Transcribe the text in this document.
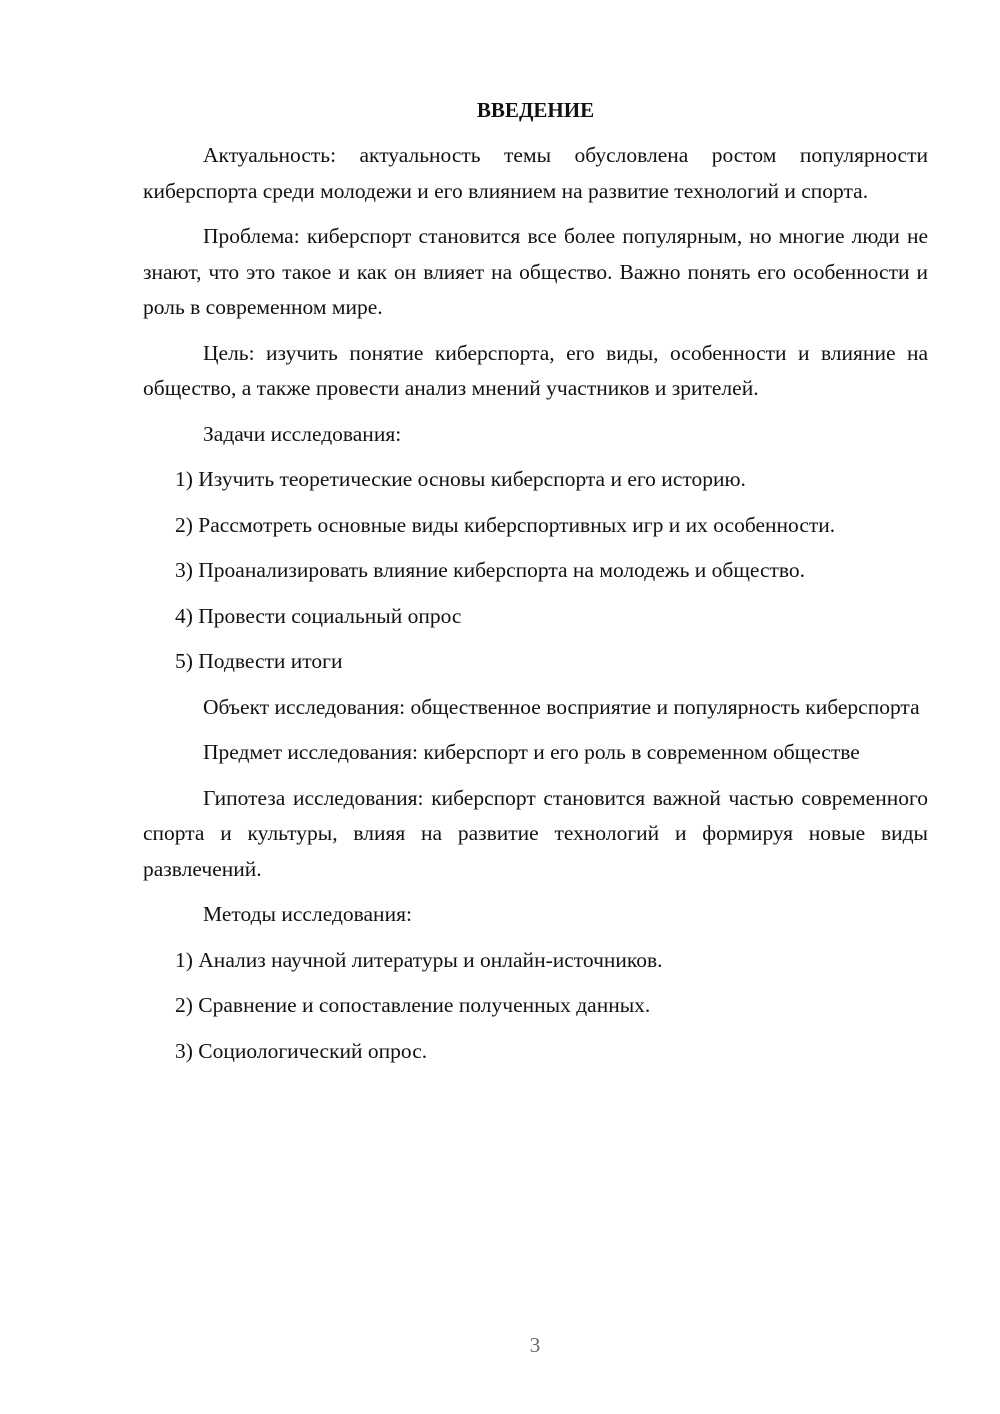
ВВЕДЕНИЕ

Актуальность: актуальность темы обусловлена ростом популярности киберспорта среди молодежи и его влиянием на развитие технологий и спорта.

Проблема: киберспорт становится все более популярным, но многие люди не знают, что это такое и как он влияет на общество. Важно понять его особенности и роль в современном мире.

Цель: изучить понятие киберспорта, его виды, особенности и влияние на общество, а также провести анализ мнений участников и зрителей.

Задачи исследования:

1) Изучить теоретические основы киберспорта и его историю.

2) Рассмотреть основные виды киберспортивных игр и их особенности.

3) Проанализировать влияние киберспорта на молодежь и общество.

4) Провести социальный опрос

5) Подвести итоги

Объект исследования: общественное восприятие и популярность киберспорта

Предмет исследования: киберспорт и его роль в современном обществе

Гипотеза исследования: киберспорт становится важной частью современного спорта и культуры, влияя на развитие технологий и формируя новые виды развлечений.

Методы исследования:

1) Анализ научной литературы и онлайн-источников.

2) Сравнение и сопоставление полученных данных.

3) Социологический опрос.

3
